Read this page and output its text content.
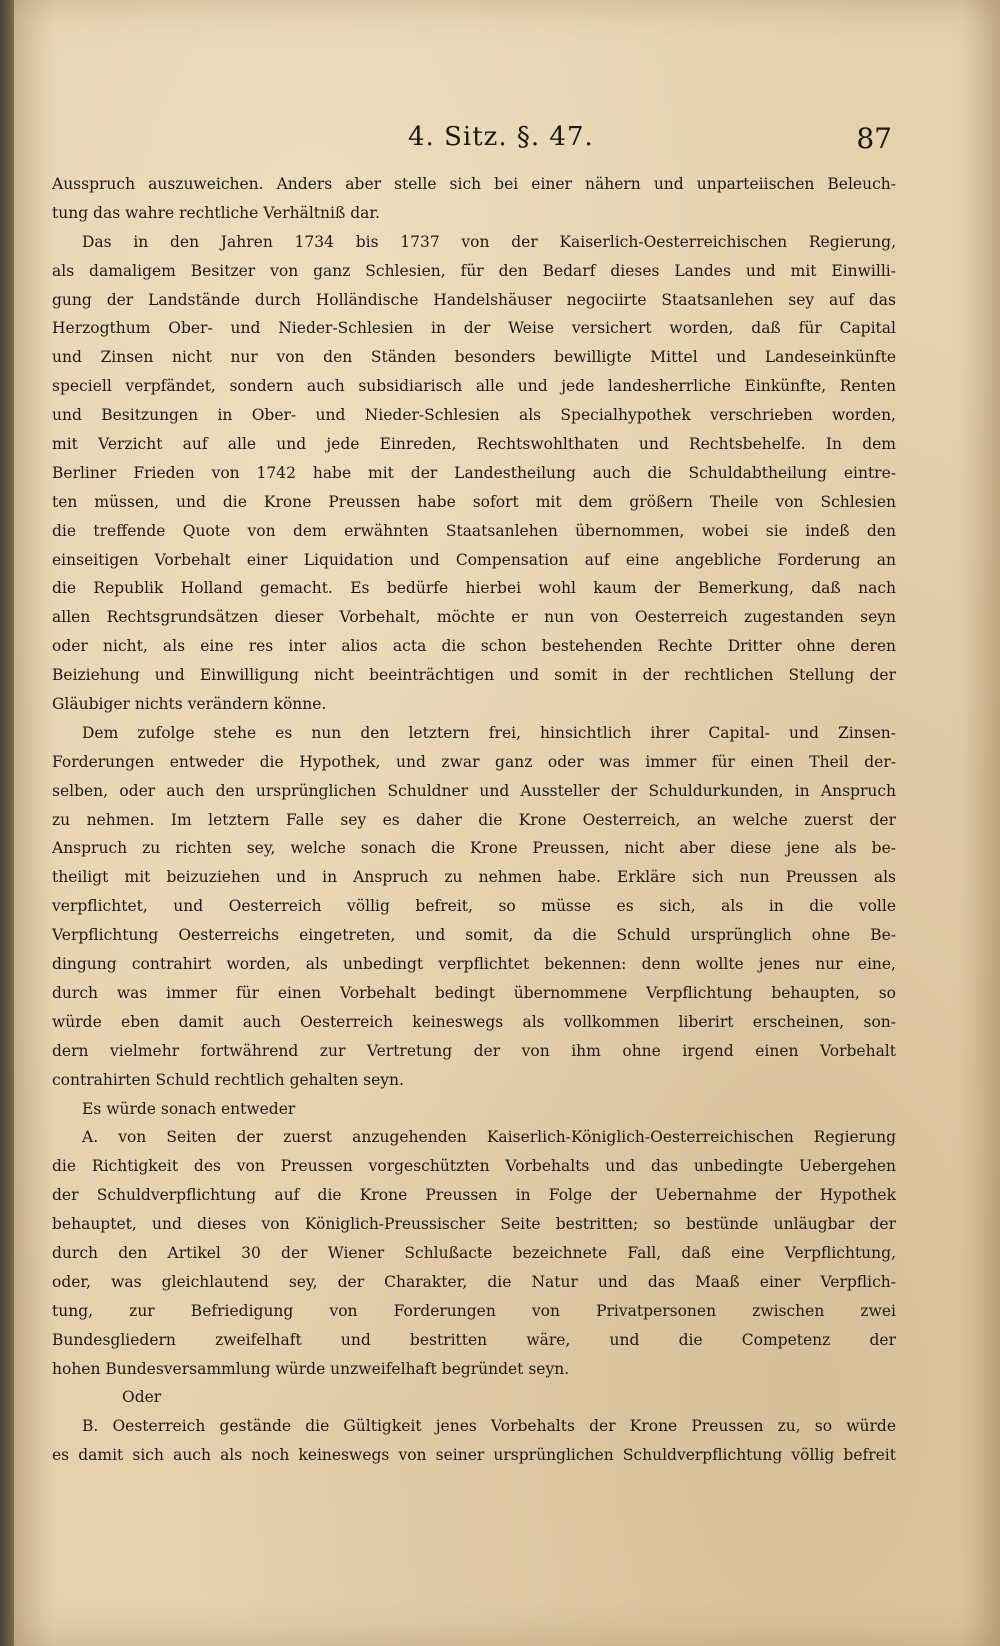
4. Sitz. §. 47.	87
Ausspruch auszuweichen. Anders aber stelle sich bei einer nähern und unparteiischen Beleuch-
tung das wahre rechtliche Verhältniß dar.
Das in den Jahren 1734 bis 1737 von der Kaiserlich-Oesterreichischen Regierung,
als damaligem Besitzer von ganz Schlesien, für den Bedarf dieses Landes und mit Einwilli-
gung der Landstände durch Holländische Handelshäuser negociirte Staatsanlehen sey auf das
Herzogthum Ober- und Nieder-Schlesien in der Weise versichert worden, daß für Capital
und Zinsen nicht nur von den Ständen besonders bewilligte Mittel und Landeseinkünfte
speciell verpfändet, sondern auch subsidiarisch alle und jede landesherrliche Einkünfte, Renten
und Besitzungen in Ober- und Nieder-Schlesien als Specialhypothek verschrieben worden,
mit Verzicht auf alle und jede Einreden, Rechtswohlthaten und Rechtsbehelfe. In dem
Berliner Frieden von 1742 habe mit der Landestheilung auch die Schuldabtheilung eintre-
ten müssen, und die Krone Preussen habe sofort mit dem größern Theile von Schlesien
die treffende Quote von dem erwähnten Staatsanlehen übernommen, wobei sie indeß den
einseitigen Vorbehalt einer Liquidation und Compensation auf eine angebliche Forderung an
die Republik Holland gemacht. Es bedürfe hierbei wohl kaum der Bemerkung, daß nach
allen Rechtsgrundsätzen dieser Vorbehalt, möchte er nun von Oesterreich zugestanden seyn
oder nicht, als eine res inter alios acta die schon bestehenden Rechte Dritter ohne deren
Beiziehung und Einwilligung nicht beeinträchtigen und somit in der rechtlichen Stellung der
Gläubiger nichts verändern könne.
Dem zufolge stehe es nun den letztern frei, hinsichtlich ihrer Capital- und Zinsen-
Forderungen entweder die Hypothek, und zwar ganz oder was immer für einen Theil der-
selben, oder auch den ursprünglichen Schuldner und Aussteller der Schuldurkunden, in Anspruch
zu nehmen. Im letztern Falle sey es daher die Krone Oesterreich, an welche zuerst der
Anspruch zu richten sey, welche sonach die Krone Preussen, nicht aber diese jene als be-
theiligt mit beizuziehen und in Anspruch zu nehmen habe. Erkläre sich nun Preussen als
verpflichtet, und Oesterreich völlig befreit, so müsse es sich, als in die volle
Verpflichtung Oesterreichs eingetreten, und somit, da die Schuld ursprünglich ohne Be-
dingung contrahirt worden, als unbedingt verpflichtet bekennen: denn wollte jenes nur eine,
durch was immer für einen Vorbehalt bedingt übernommene Verpflichtung behaupten, so
würde eben damit auch Oesterreich keineswegs als vollkommen liberirt erscheinen, son-
dern vielmehr fortwährend zur Vertretung der von ihm ohne irgend einen Vorbehalt
contrahirten Schuld rechtlich gehalten seyn.
Es würde sonach entweder
A. von Seiten der zuerst anzugehenden Kaiserlich-Königlich-Oesterreichischen Regierung
die Richtigkeit des von Preussen vorgeschützten Vorbehalts und das unbedingte Uebergehen
der Schuldverpflichtung auf die Krone Preussen in Folge der Uebernahme der Hypothek
behauptet, und dieses von Königlich-Preussischer Seite bestritten; so bestünde unläugbar der
durch den Artikel 30 der Wiener Schlußacte bezeichnete Fall, daß eine Verpflichtung,
oder, was gleichlautend sey, der Charakter, die Natur und das Maaß einer Verpflich-
tung, zur Befriedigung von Forderungen von Privatpersonen zwischen zwei
Bundesgliedern zweifelhaft und bestritten wäre, und die Competenz der
hohen Bundesversammlung würde unzweifelhaft begründet seyn.
Oder
B. Oesterreich gestände die Gültigkeit jenes Vorbehalts der Krone Preussen zu, so würde
es damit sich auch als noch keineswegs von seiner ursprünglichen Schuldverpflichtung völlig befreit
